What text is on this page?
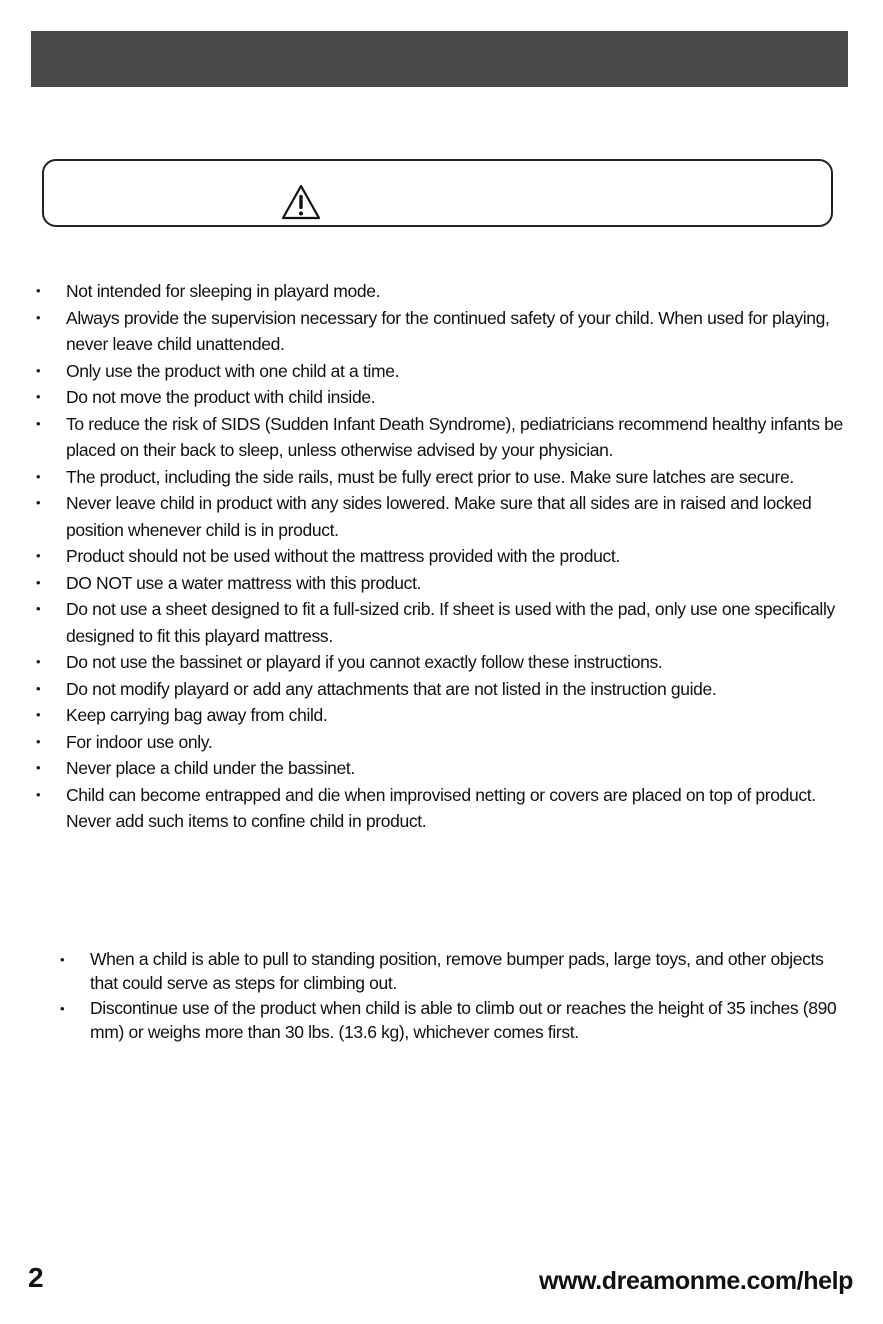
• Not intended for sleeping in playard mode.
• Always provide the supervision necessary for the continued safety of your child. When used for playing, never leave child unattended.
• Only use the product with one child at a time.
• Do not move the product with child inside.
• To reduce the risk of SIDS (Sudden Infant Death Syndrome), pediatricians recommend healthy infants be placed on their back to sleep, unless otherwise advised by your physician.
• The product, including the side rails, must be fully erect prior to use. Make sure latches are secure.
• Never leave child in product with any sides lowered. Make sure that all sides are in raised and locked position whenever child is in product.
• Product should not be used without the mattress provided with the product.
• DO NOT use a water mattress with this product.
• Do not use a sheet designed to fit a full-sized crib. If sheet is used with the pad, only use one specifically designed to fit this playard mattress.
• Do not use the bassinet or playard if you cannot exactly follow these instructions.
• Do not modify playard or add any attachments that are not listed in the instruction guide.
• Keep carrying bag away from child.
• For indoor use only.
• Never place a child under the bassinet.
• Child can become entrapped and die when improvised netting or covers are placed on top of product. Never add such items to confine child in product.
• When a child is able to pull to standing position, remove bumper pads, large toys, and other objects that could serve as steps for climbing out.
• Discontinue use of the product when child is able to climb out or reaches the height of 35 inches (890 mm) or weighs more than 30 lbs. (13.6 kg), whichever comes first.
2	www.dreamonme.com/help
